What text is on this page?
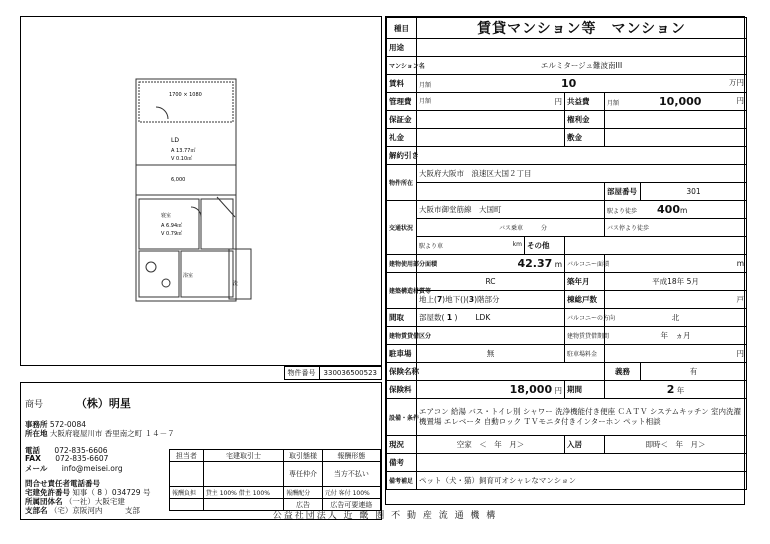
LD
A 13.77㎡
V 0.10㎡
1700 × 1080
6,000
寝室
A 6.94㎡
V 0.79㎡
浴室
洗
物件番号	330036500523
商号	（株）明星
事務所 572-0084
所在地 大阪府寝屋川市 香里南之町 １４－７
電話 072-835-6606
FAX 072-835-6607
メール info@meisei.org
問合せ責任者電話番号
宅建免許番号 知事（ 8 ）034729 号
所属団体名 （一社）大阪宅建
支部名 （宅）京阪河内　　　支部
担当者	宅建取引士	取引態様	報酬形態
		専任仲介	当方不払い
報酬負担	貸主 100% 借主 100%	報酬配分	元付 客付 100%
		広告	広告可要連絡
種目	賃貸マンション等　マンション				
用途					
マンション名	エルミタージュ難波南III				
賃料	月額 10 万円				

管理費	月額 円		共益費	月額 10,000 円	

保証金			権利金		
礼金			敷金		
解約引き					
物件所在	大阪府大阪市　浪速区大国２丁目				
				部屋番号	301
交通状況	大阪市御堂筋線　大国町			駅より徒歩 400m	
	バス乗車 分			バス停より徒歩	
	駅より車 km	その他			
建物使用部分面積	42.37 m		バルコニー面積	m	
建築構造材質等	RC		築年月	平成18年 5月	
	地上(7)地下()(3)階部分		棟総戸数	戸	
間取	部屋数( 1 ) LDK		バルコニーの方向	北	
建物賃貸借区分			建物賃貸借期間	年　ヵ月	
駐車場	無		駐車場料金	円	
保険名称				義務	有
保険料	18,000 円		期間	2 年	
設備・条件	エアコン 給湯 バス・トイレ別 シャワー 洗浄機能付き便座 ＣＡＴＶ システムキッチン 室内洗濯機置場 エレベータ 自動ロック ＴＶモニタ付きインターホン ペット相談				
現況	空家　＜　年　月＞		入居	即時＜　年　月＞	
備考					
備考補足	ペット（犬・猫）飼育可オシャレなマンション				
公益社団法人 近 畿 圏 不 動 産 流 通 機 構
